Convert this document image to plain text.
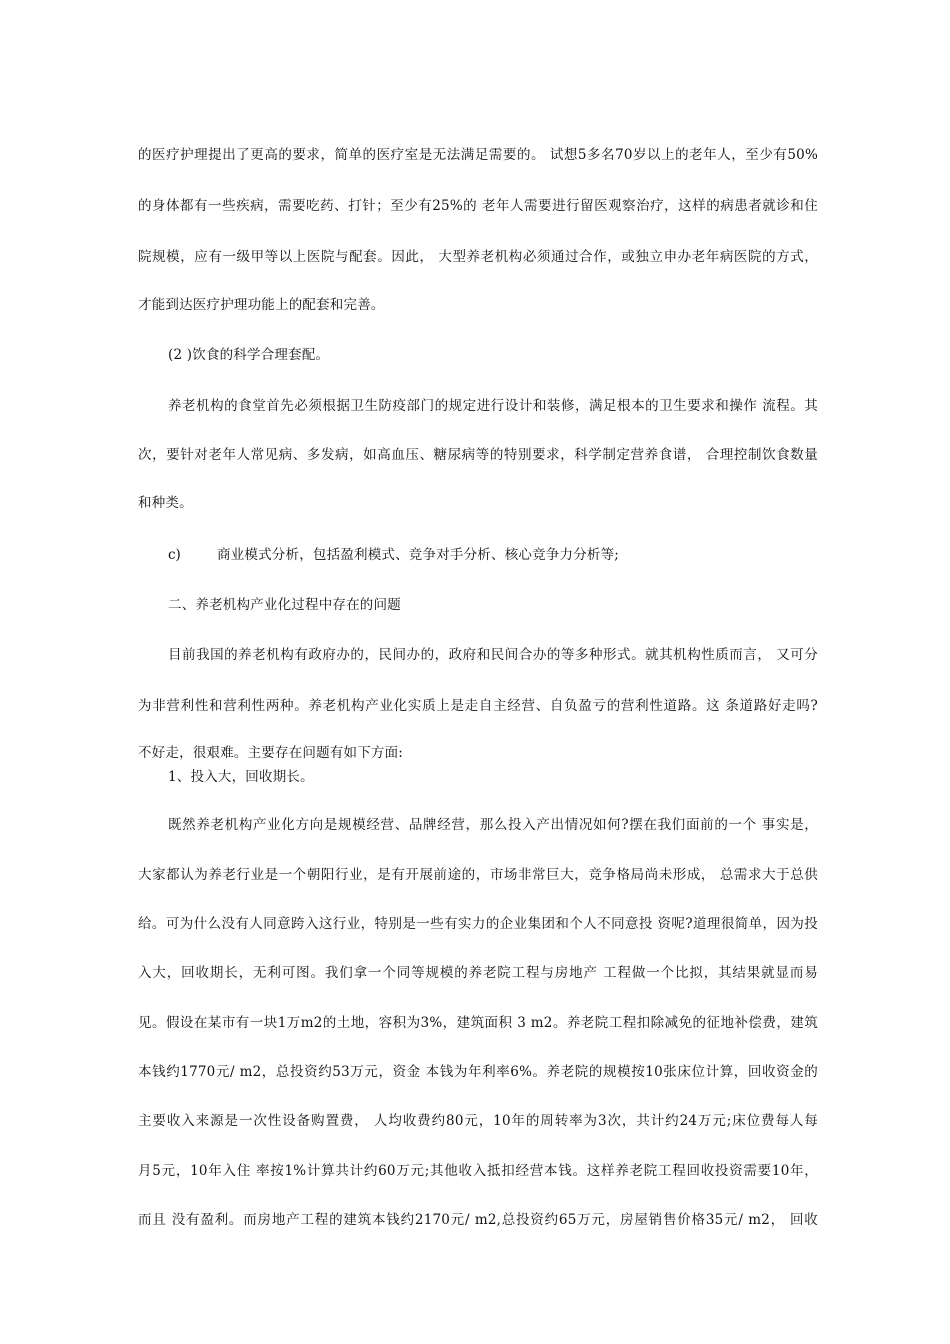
的医疗护理提出了更高的要求，简单的医疗室是无法满足需要的。 试想5多名70岁以上的老年人，至少有50%
的身体都有一些疾病，需要吃药、打针；至少有25%的 老年人需要进行留医观察治疗，这样的病患者就诊和住
院规模，应有一级甲等以上医院与配套。因此， 大型养老机构必须通过合作，或独立申办老年病医院的方式，
才能到达医疗护理功能上的配套和完善。
(2 )饮食的科学合理套配。
养老机构的食堂首先必须根据卫生防疫部门的规定进行设计和装修，满足根本的卫生要求和操作 流程。其
次，要针对老年人常见病、多发病，如高血压、糖尿病等的特别要求，科学制定营养食谱， 合理控制饮食数量
和种类。
c)	商业模式分析，包括盈利模式、竞争对手分析、核心竞争力分析等;
二、养老机构产业化过程中存在的问题
目前我国的养老机构有政府办的，民间办的，政府和民间合办的等多种形式。就其机构性质而言， 又可分
为非营利性和营利性两种。养老机构产业化实质上是走自主经营、自负盈亏的营利性道路。这 条道路好走吗?
不好走，很艰难。主要存在问题有如下方面:
1、投入大，回收期长。
既然养老机构产业化方向是规模经营、品牌经营，那么投入产出情况如何?摆在我们面前的一个 事实是，
大家都认为养老行业是一个朝阳行业，是有开展前途的，市场非常巨大，竞争格局尚未形成， 总需求大于总供
给。可为什么没有人同意跨入这行业，特别是一些有实力的企业集团和个人不同意投 资呢?道理很简单，因为投
入大，回收期长，无利可图。我们拿一个同等规模的养老院工程与房地产 工程做一个比拟，其结果就显而易
见。假设在某市有一块1万m2的土地，容积为3%，建筑面积 3 m2。养老院工程扣除减免的征地补偿费，建筑
本钱约1770元/ m2，总投资约53万元，资金 本钱为年利率6%。养老院的规模按10张床位计算，回收资金的
主要收入来源是一次性设备购置费， 人均收费约80元，10年的周转率为3次，共计约24万元;床位费每人每
月5元，10年入住 率按1%计算共计约60万元;其他收入抵扣经营本钱。这样养老院工程回收投资需要10年，
而且 没有盈利。而房地产工程的建筑本钱约2170元/ m2,总投资约65万元，房屋销售价格35元/ m2， 回收
